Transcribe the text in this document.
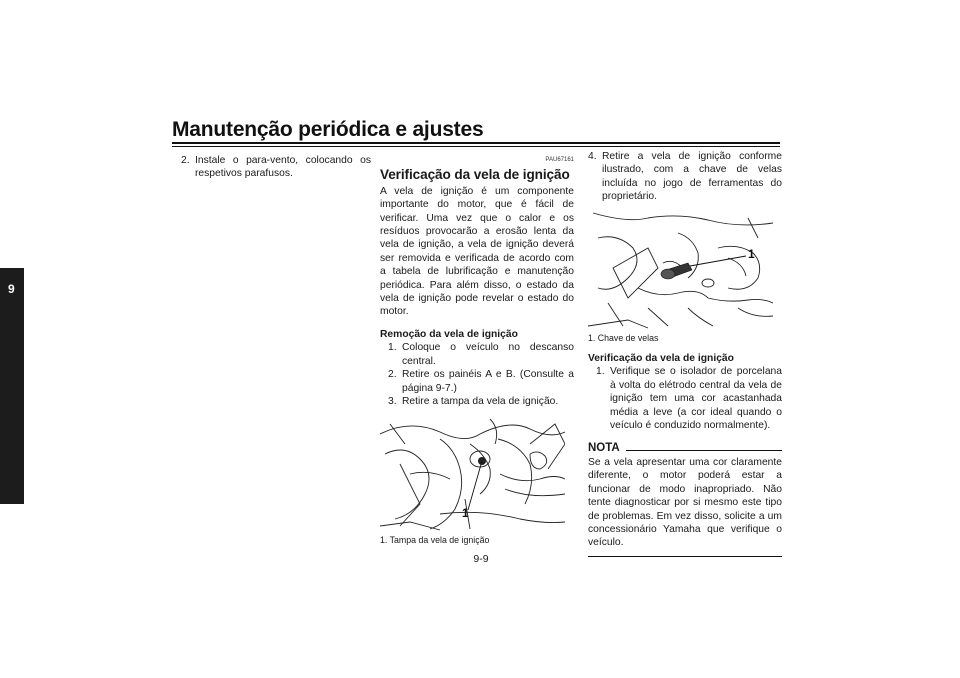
Manutenção periódica e ajustes
9
2. Instale o para-vento, colocando os respetivos parafusos.
PAU67161
Verificação da vela de ignição
A vela de ignição é um componente importante do motor, que é fácil de verificar. Uma vez que o calor e os resíduos provocarão a erosão lenta da vela de ignição, a vela de ignição deverá ser removida e verificada de acordo com a tabela de lubrificação e manutenção periódica. Para além disso, o estado da vela de ignição pode revelar o estado do motor.
Remoção da vela de ignição
1. Coloque o veículo no descanso central.
2. Retire os painéis A e B. (Consulte a página 9-7.)
3. Retire a tampa da vela de ignição.
1
1. Tampa da vela de ignição
4. Retire a vela de ignição conforme ilustrado, com a chave de velas incluída no jogo de ferramentas do proprietário.
1
1. Chave de velas
Verificação da vela de ignição
1. Verifique se o isolador de porcelana à volta do elétrodo central da vela de ignição tem uma cor acastanhada média a leve (a cor ideal quando o veículo é conduzido normalmente).
NOTA
Se a vela apresentar uma cor claramente diferente, o motor poderá estar a funcionar de modo inapropriado. Não tente diagnosticar por si mesmo este tipo de problemas. Em vez disso, solicite a um concessionário Yamaha que verifique o veículo.
9-9
